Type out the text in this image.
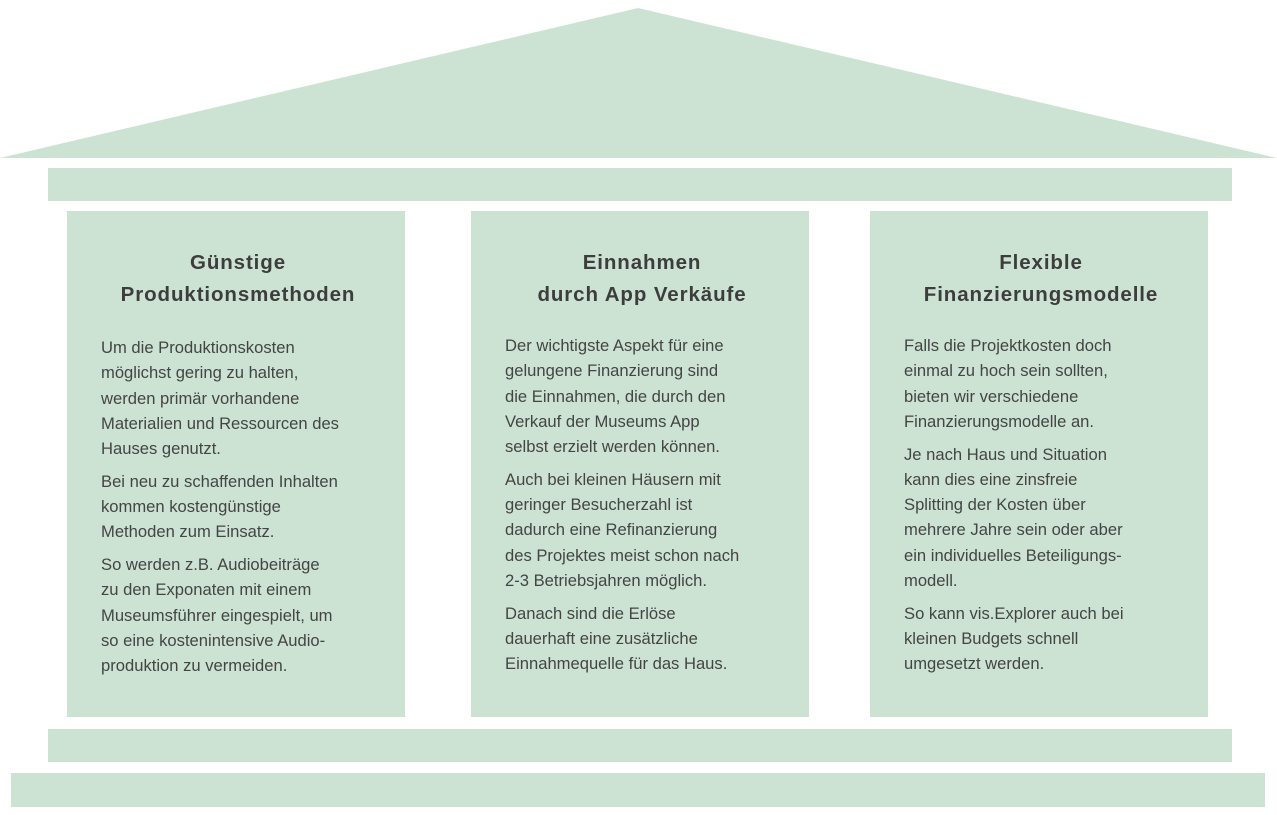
Günstige
Produktionsmethoden

Um die Produktionskosten
möglichst gering zu halten,
werden primär vorhandene
Materialien und Ressourcen des
Hauses genutzt.

Bei neu zu schaffenden Inhalten
kommen kostengünstige
Methoden zum Einsatz.

So werden z.B. Audiobeiträge
zu den Exponaten mit einem
Museumsführer eingespielt, um
so eine kostenintensive Audio-
produktion zu vermeiden.

Einnahmen
durch App Verkäufe

Der wichtigste Aspekt für eine
gelungene Finanzierung sind
die Einnahmen, die durch den
Verkauf der Museums App
selbst erzielt werden können.

Auch bei kleinen Häusern mit
geringer Besucherzahl ist
dadurch eine Refinanzierung
des Projektes meist schon nach
2-3 Betriebsjahren möglich.

Danach sind die Erlöse
dauerhaft eine zusätzliche
Einnahmequelle für das Haus.

Flexible
Finanzierungsmodelle

Falls die Projektkosten doch
einmal zu hoch sein sollten,
bieten wir verschiedene
Finanzierungsmodelle an.

Je nach Haus und Situation
kann dies eine zinsfreie
Splitting der Kosten über
mehrere Jahre sein oder aber
ein individuelles Beteiligungs-
modell.

So kann vis.Explorer auch bei
kleinen Budgets schnell
umgesetzt werden.
